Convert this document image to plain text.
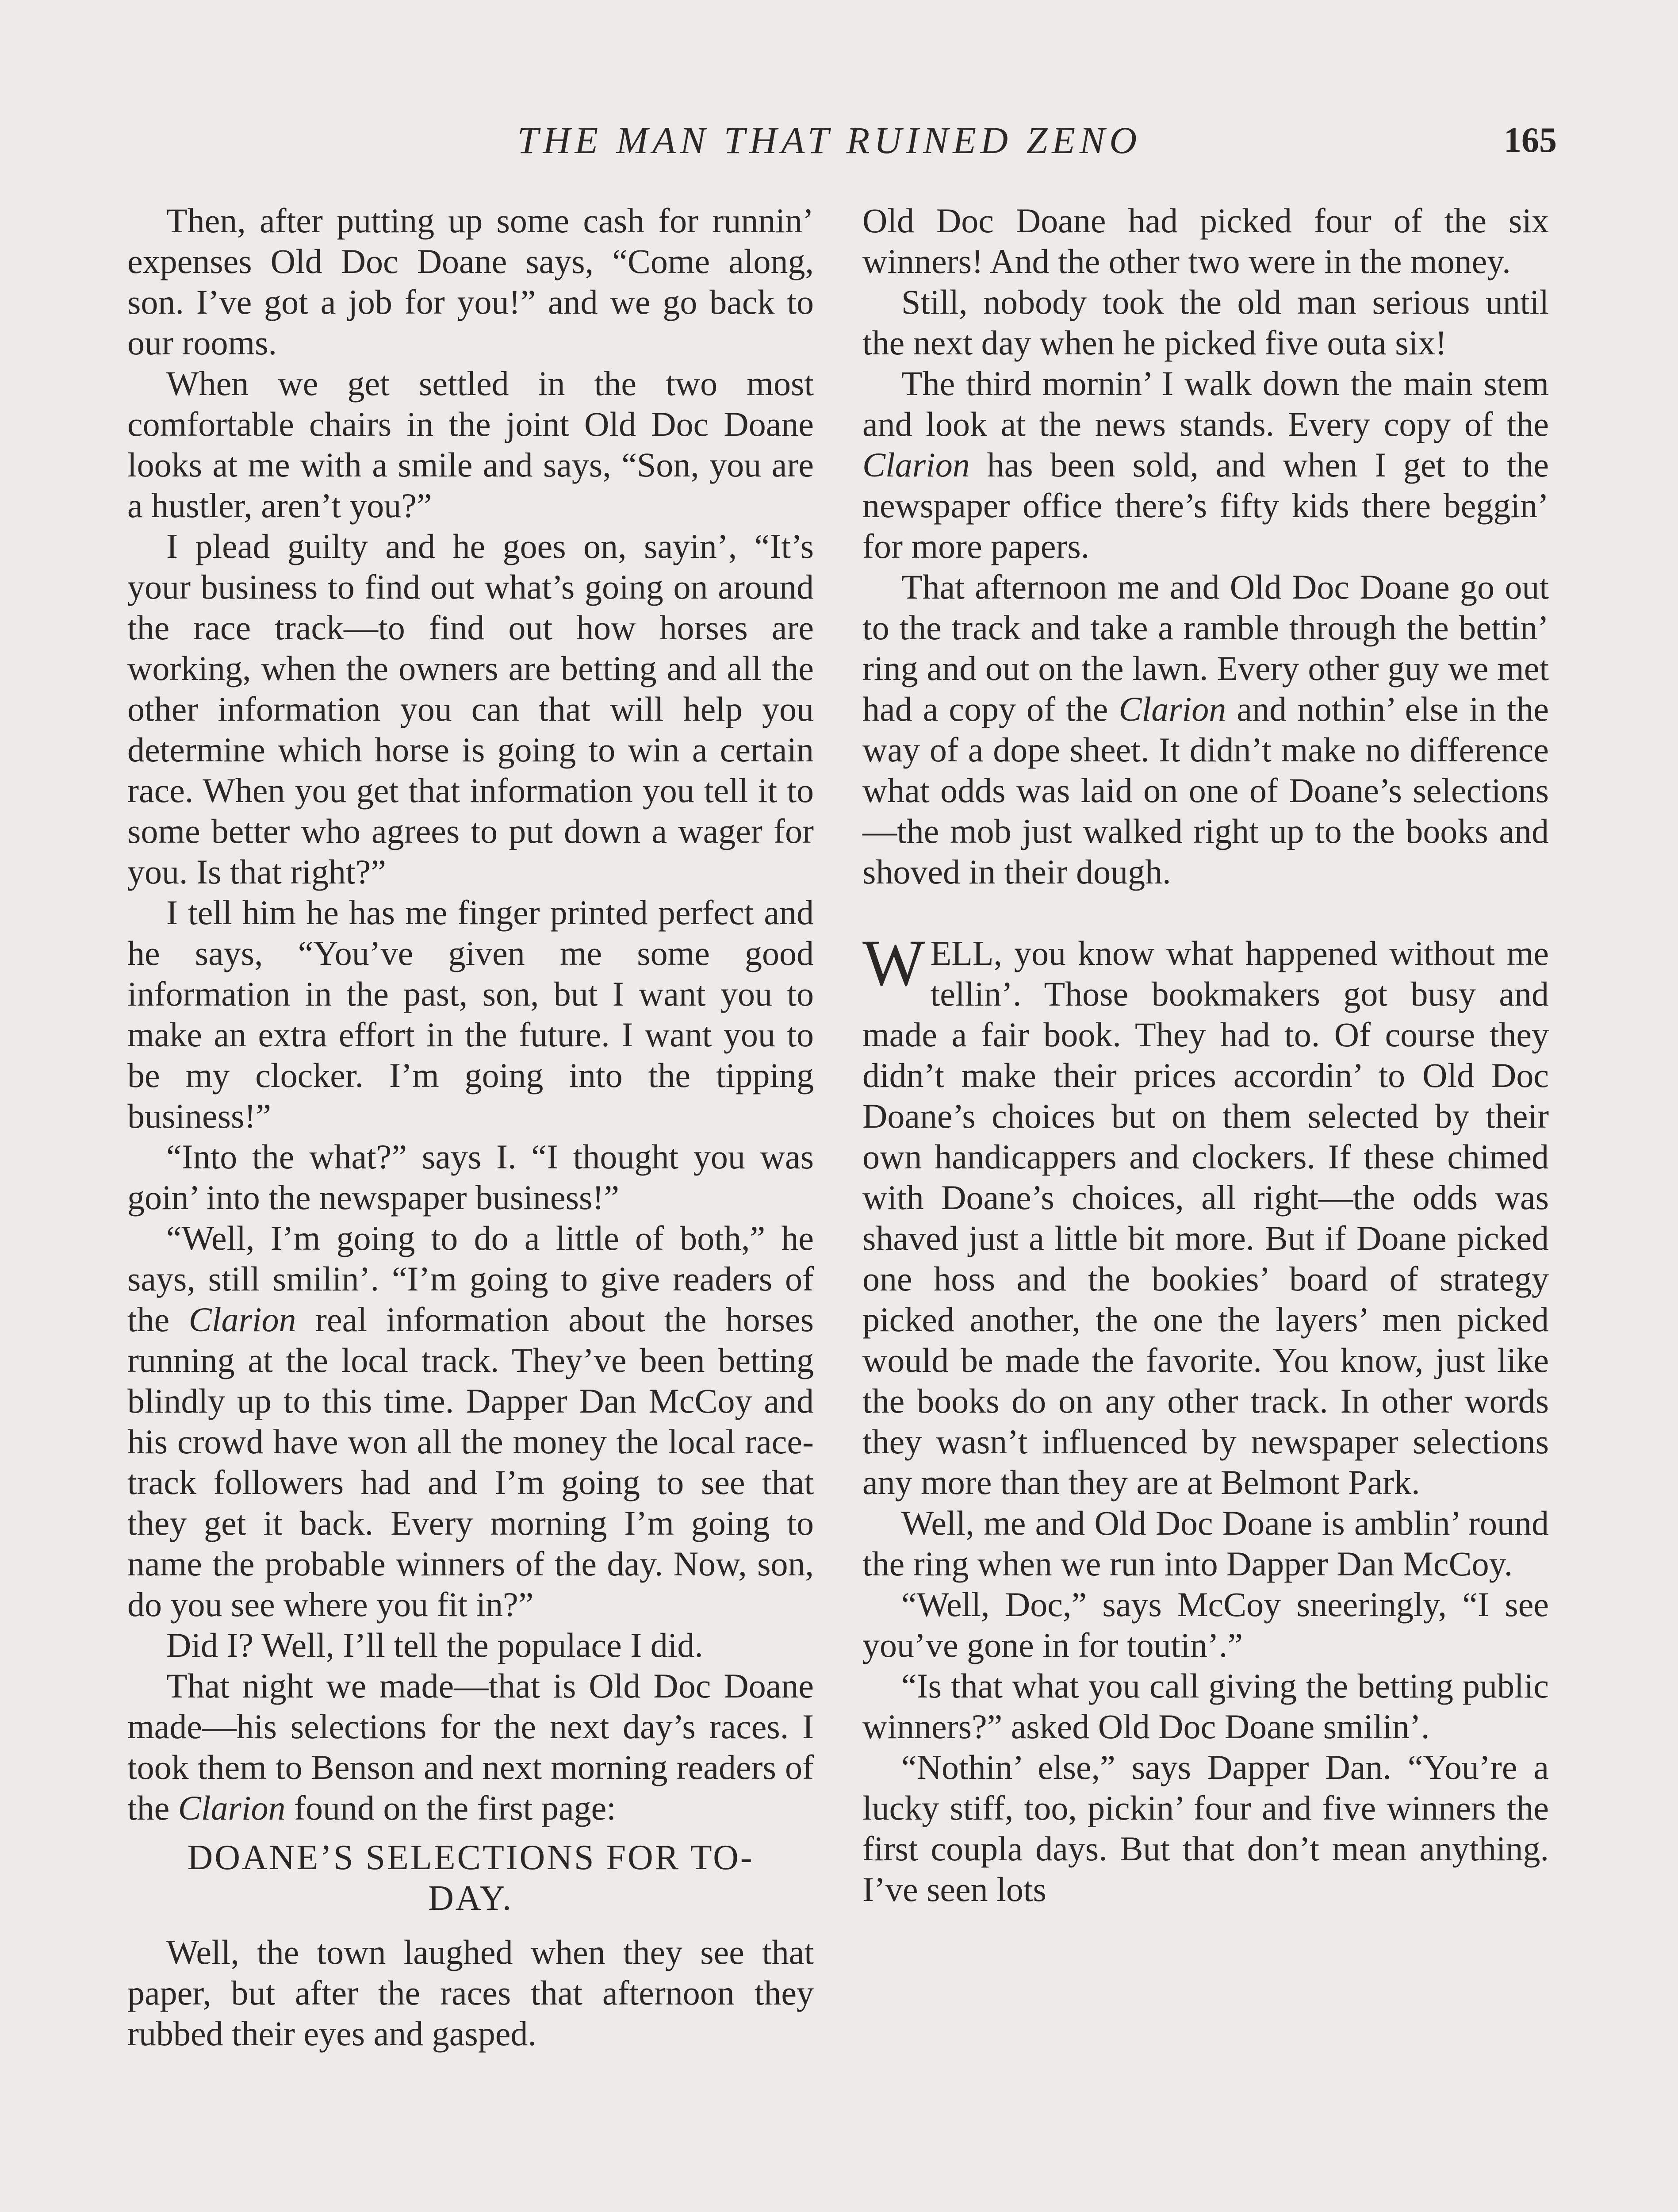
THE MAN THAT RUINED ZENO	165

Then, after putting up some cash for runnin’ expenses Old Doc Doane says, “Come along, son. I’ve got a job for you!” and we go back to our rooms.

When we get settled in the two most comfortable chairs in the joint Old Doc Doane looks at me with a smile and says, “Son, you are a hustler, aren’t you?”

I plead guilty and he goes on, sayin’, “It’s your business to find out what’s going on around the race track—to find out how horses are working, when the owners are betting and all the other information you can that will help you determine which horse is going to win a certain race. When you get that information you tell it to some better who agrees to put down a wager for you. Is that right?”

I tell him he has me finger printed perfect and he says, “You’ve given me some good information in the past, son, but I want you to make an extra effort in the future. I want you to be my clocker. I’m going into the tipping business!”

“Into the what?” says I. “I thought you was goin’ into the newspaper business!”

“Well, I’m going to do a little of both,” he says, still smilin’. “I’m going to give readers of the Clarion real information about the horses running at the local track. They’ve been betting blindly up to this time. Dapper Dan McCoy and his crowd have won all the money the local race-track followers had and I’m going to see that they get it back. Every morning I’m going to name the probable winners of the day. Now, son, do you see where you fit in?”

Did I? Well, I’ll tell the populace I did.

That night we made—that is Old Doc Doane made—his selections for the next day’s races. I took them to Benson and next morning readers of the Clarion found on the first page:

DOANE’S SELECTIONS FOR TO-
DAY.

Well, the town laughed when they see that paper, but after the races that afternoon they rubbed their eyes and gasped.

Old Doc Doane had picked four of the six winners! And the other two were in the money.

Still, nobody took the old man serious until the next day when he picked five outa six!

The third mornin’ I walk down the main stem and look at the news stands. Every copy of the Clarion has been sold, and when I get to the newspaper office there’s fifty kids there beggin’ for more papers.

That afternoon me and Old Doc Doane go out to the track and take a ramble through the bettin’ ring and out on the lawn. Every other guy we met had a copy of the Clarion and nothin’ else in the way of a dope sheet. It didn’t make no difference what odds was laid on one of Doane’s selections—the mob just walked right up to the books and shoved in their dough.

WELL, you know what happened without me tellin’. Those bookmakers got busy and made a fair book. They had to. Of course they didn’t make their prices accordin’ to Old Doc Doane’s choices but on them selected by their own handicappers and clockers. If these chimed with Doane’s choices, all right—the odds was shaved just a little bit more. But if Doane picked one hoss and the bookies’ board of strategy picked another, the one the layers’ men picked would be made the favorite. You know, just like the books do on any other track. In other words they wasn’t influenced by newspaper selections any more than they are at Belmont Park.

Well, me and Old Doc Doane is amblin’ round the ring when we run into Dapper Dan McCoy.

“Well, Doc,” says McCoy sneeringly, “I see you’ve gone in for toutin’.”

“Is that what you call giving the betting public winners?” asked Old Doc Doane smilin’.

“Nothin’ else,” says Dapper Dan. “You’re a lucky stiff, too, pickin’ four and five winners the first coupla days. But that don’t mean anything. I’ve seen lots
